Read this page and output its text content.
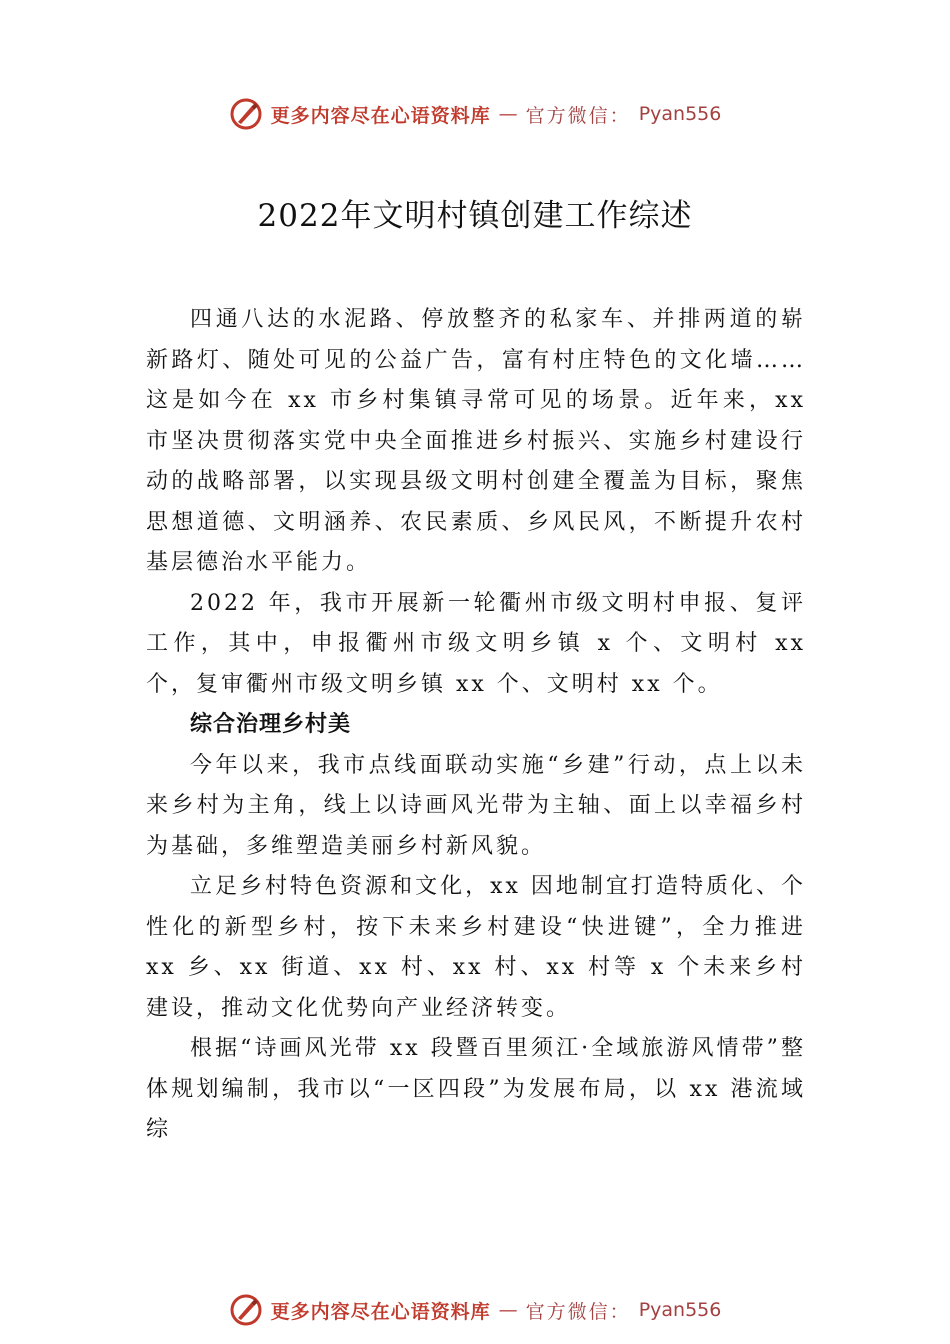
更多内容尽在心语资料库 — 官方微信： Pyan556
2022年文明村镇创建工作综述

四通八达的水泥路、停放整齐的私家车、并排两道的崭新路灯、随处可见的公益广告，富有村庄特色的文化墙……这是如今在 xx 市乡村集镇寻常可见的场景。近年来，xx 市坚决贯彻落实党中央全面推进乡村振兴、实施乡村建设行动的战略部署，以实现县级文明村创建全覆盖为目标，聚焦思想道德、文明涵养、农民素质、乡风民风，不断提升农村基层德治水平能力。

2022 年，我市开展新一轮衢州市级文明村申报、复评工作，其中，申报衢州市级文明乡镇 x 个、文明村 xx 个，复审衢州市级文明乡镇 xx 个、文明村 xx 个。

综合治理乡村美

今年以来，我市点线面联动实施“乡建”行动，点上以未来乡村为主角，线上以诗画风光带为主轴、面上以幸福乡村为基础，多维塑造美丽乡村新风貌。

立足乡村特色资源和文化，xx 因地制宜打造特质化、个性化的新型乡村，按下未来乡村建设“快进键”，全力推进 xx 乡、xx 街道、xx 村、xx 村、xx 村等 x 个未来乡村建设，推动文化优势向产业经济转变。

根据“诗画风光带 xx 段暨百里须江·全域旅游风情带”整体规划编制，我市以“一区四段”为发展布局，以 xx 港流域综

更多内容尽在心语资料库 — 官方微信： Pyan556
